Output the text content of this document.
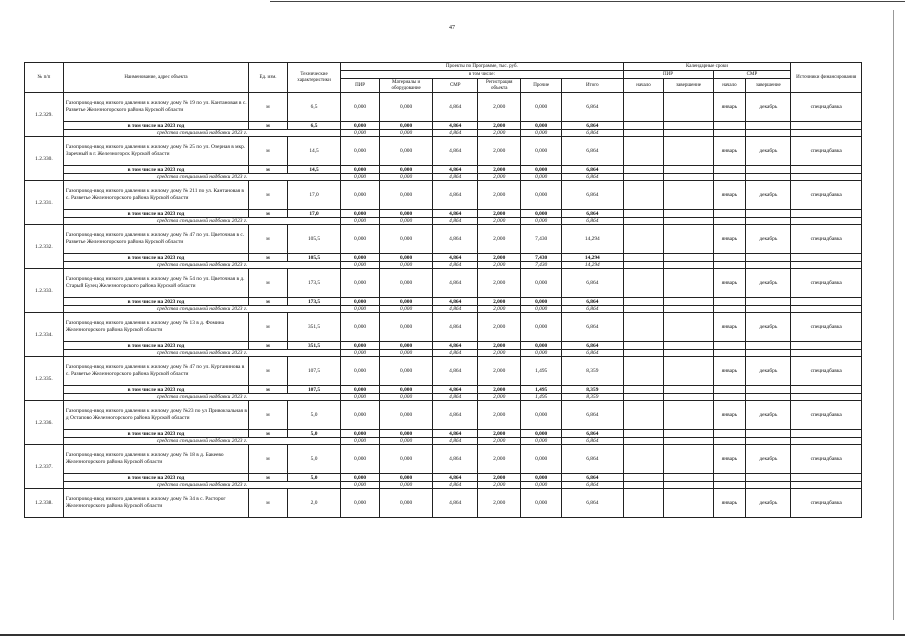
47
№ п/п	Наименование, адрес объекта	Ед. изм.	Технические характеристики	Проекты по Программе, тыс. руб.						Календарные сроки				Источники финансирования
				в том числе:						ПИР		СМР		
				ПИР	Материалы и оборудование	СМР	Регистрация объекта	Прочие	Итого	начало	завершение	начало	завершение	
1.2.329.	Газопровод-ввод низкого давления к жилому дому № 19 по ул. Кантановая в с. Разветье Железногорского района Курской области	м	6,5	0,000	0,000	4,864	2,000	0,000	6,864			январь	декабрь	спецнадбавка
	в том числе на 2023 год	м	6,5	0,000	0,000	4,864	2,000	0,000	6,864					
	средства специальной надбавки 2023 г.			0,000	0,000	4,864	2,000	0,000	6,864					
1.2.330.	Газопровод-ввод низкого давления к жилому дому № 25 по ул. Озерная в мкр. Заречный в г. Железногорск Курской области	м	14,5	0,000	0,000	4,864	2,000	0,000	6,864			январь	декабрь	спецнадбавка
	в том числе на 2023 год	м	14,5	0,000	0,000	4,864	2,000	0,000	6,864					
	средства специальной надбавки 2023 г.			0,000	0,000	4,864	2,000	0,000	6,864					
1.2.331.	Газопровод-ввод низкого давления к жилому дому № 211 по ул. Кантановая в с. Разветье Железногорского района Курской области	м	17,0	0,000	0,000	4,864	2,000	0,000	6,864			январь	декабрь	спецнадбавка
	в том числе на 2023 год	м	17,0	0,000	0,000	4,864	2,000	0,000	6,864					
	средства специальной надбавки 2023 г.			0,000	0,000	4,864	2,000	0,000	6,864					
1.2.332.	Газопровод-ввод низкого давления к жилому дому № 47 по ул. Цветочная в с. Разветье Железногорского района Курской области	м	105,5	0,000	0,000	4,864	2,000	7,430	14,294			январь	декабрь	спецнадбавка
	в том числе на 2023 год	м	105,5	0,000	0,000	4,864	2,000	7,430	14,294					
	средства специальной надбавки 2023 г.			0,000	0,000	4,864	2,000	7,430	14,294					
1.2.333.	Газопровод-ввод низкого давления к жилому дому № 54 по ул. Цветочная в д. Старый Бузец Железногорского района Курской области	м	173,5	0,000	0,000	4,864	2,000	0,000	6,864			январь	декабрь	спецнадбавка
	в том числе на 2023 год	м	173,5	0,000	0,000	4,864	2,000	0,000	6,864					
	средства специальной надбавки 2023 г.			0,000	0,000	4,864	2,000	0,000	6,864					
1.2.334.	Газопровод-ввод низкого давления к жилому дому № 13 в д. Фомина Железногорского района Курской области	м	351,5	0,000	0,000	4,864	2,000	0,000	6,864			январь	декабрь	спецнадбавка
	в том числе на 2023 год	м	351,5	0,000	0,000	4,864	2,000	0,000	6,864					
	средства специальной надбавки 2023 г.			0,000	0,000	4,864	2,000	0,000	6,864					
1.2.335.	Газопровод-ввод низкого давления к жилому дому № 47 по ул. Курганинова в с. Разветье Железногорского района Курской области	м	107,5	0,000	0,000	4,864	2,000	1,495	8,359			январь	декабрь	спецнадбавка
	в том числе на 2023 год	м	107,5	0,000	0,000	4,864	2,000	1,495	8,359					
	средства специальной надбавки 2023 г.			0,000	0,000	4,864	2,000	1,495	8,359					
1.2.336.	Газопровод-ввод низкого давления к жилому дому №23 по ул Привокзальная в д Остапово Железногорского района Курской области	м	5,0	0,000	0,000	4,864	2,000	0,000	6,864			январь	декабрь	спецнадбавка
	в том числе на 2023 год	м	5,0	0,000	0,000	4,864	2,000	0,000	6,864					
	средства специальной надбавки 2023 г.			0,000	0,000	4,864	2,000	0,000	6,864					
1.2.337.	Газопровод-ввод низкого давления к жилому дому № 18 в д. Бакеево Железногорского района Курской области	м	5,0	0,000	0,000	4,864	2,000	0,000	6,864			январь	декабрь	спецнадбавка
	в том числе на 2023 год	м	5,0	0,000	0,000	4,864	2,000	0,000	6,864					
	средства специальной надбавки 2023 г.			0,000	0,000	4,864	2,000	0,000	6,864					
1.2.338.	Газопровод-ввод низкого давления к жилому дому № 34 в с. Расторог Железногорского района Курской области	м	2,0	0,000	0,000	4,864	2,000	0,000	6,864			январь	декабрь	спецнадбавка
